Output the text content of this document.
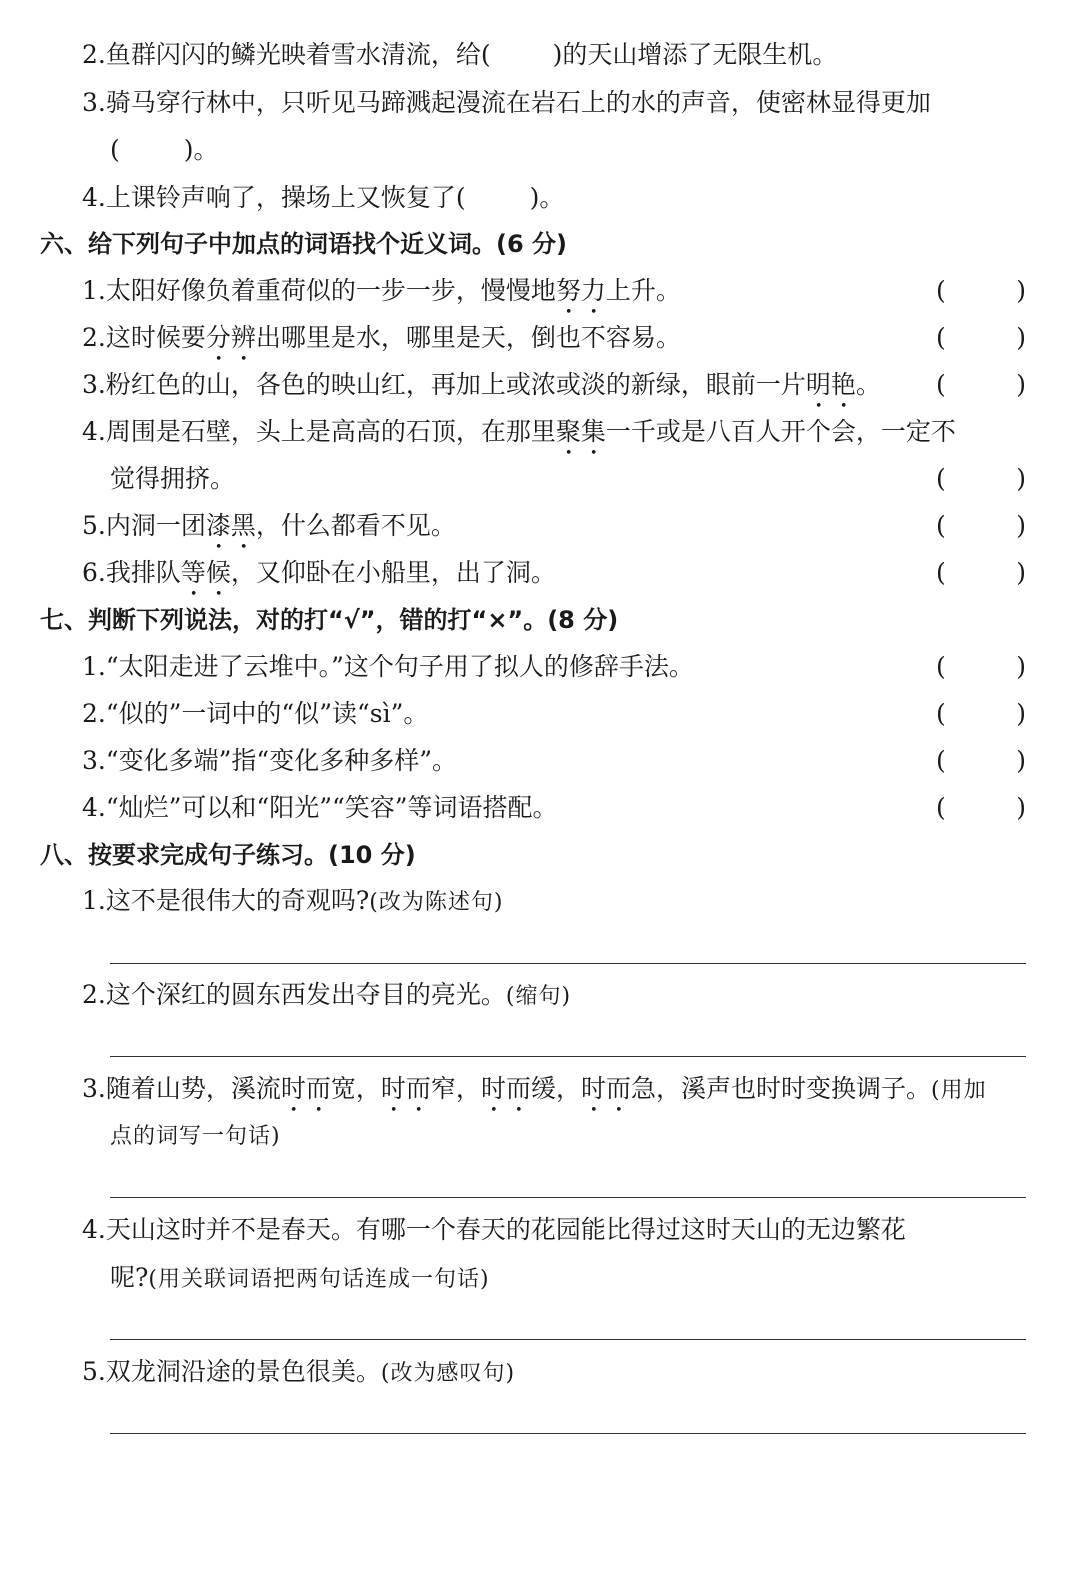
2.鱼群闪闪的鳞光映着雪水清流，给( )的天山增添了无限生机。
3.骑马穿行林中，只听见马蹄溅起漫流在岩石上的水的声音，使密林显得更加
(	)。
4.上课铃声响了，操场上又恢复了(	)。
六、给下列句子中加点的词语找个近义词。(6 分)
1.太阳好像负着重荷似的一步一步，慢慢地努力上升。	(	)
2.这时候要分辨出哪里是水，哪里是天，倒也不容易。	(	)
3.粉红色的山，各色的映山红，再加上或浓或淡的新绿，眼前一片明艳。 (	)
4.周围是石壁，头上是高高的石顶，在那里聚集一千或是八百人开个会，一定不
觉得拥挤。	(	)
5.内洞一团漆黑，什么都看不见。	(	)
6.我排队等候，又仰卧在小船里，出了洞。	(	)
七、判断下列说法，对的打“√”，错的打“×”。(8 分)
1.“太阳走进了云堆中。”这个句子用了拟人的修辞手法。	(	)
2.“似的”一词中的“似”读“sì”。	(	)
3.“变化多端”指“变化多种多样”。	(	)
4.“灿烂”可以和“阳光”“笑容”等词语搭配。	(	)
八、按要求完成句子练习。(10 分)
1.这不是很伟大的奇观吗?(改为陈述句)
2.这个深红的圆东西发出夺目的亮光。(缩句)
3.随着山势，溪流时而宽，时而窄，时而缓，时而急，溪声也时时变换调子。(用加
点的词写一句话)
4.天山这时并不是春天。有哪一个春天的花园能比得过这时天山的无边繁花
呢?(用关联词语把两句话连成一句话)
5.双龙洞沿途的景色很美。(改为感叹句)
